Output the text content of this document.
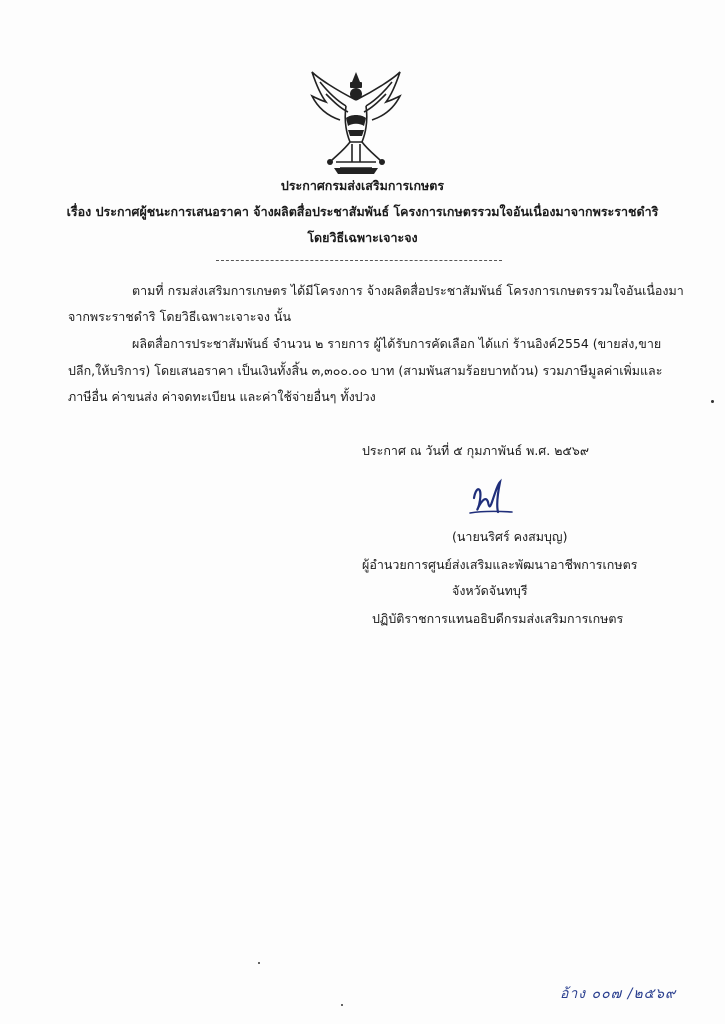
ประกาศกรมส่งเสริมการเกษตร
เรื่อง ประกาศผู้ชนะการเสนอราคา จ้างผลิตสื่อประชาสัมพันธ์ โครงการเกษตรรวมใจอันเนื่องมาจากพระราชดำริ
โดยวิธีเฉพาะเจาะจง
ตามที่ กรมส่งเสริมการเกษตร ได้มีโครงการ จ้างผลิตสื่อประชาสัมพันธ์ โครงการเกษตรรวมใจอันเนื่องมา
จากพระราชดำริ โดยวิธีเฉพาะเจาะจง นั้น
ผลิตสื่อการประชาสัมพันธ์ จำนวน ๒ รายการ ผู้ได้รับการคัดเลือก ได้แก่ ร้านอิงค์2554 (ขายส่ง,ขาย
ปลีก,ให้บริการ) โดยเสนอราคา เป็นเงินทั้งสิ้น ๓,๓๐๐.๐๐ บาท (สามพันสามร้อยบาทถ้วน) รวมภาษีมูลค่าเพิ่มและ
ภาษีอื่น ค่าขนส่ง ค่าจดทะเบียน และค่าใช้จ่ายอื่นๆ ทั้งปวง
ประกาศ ณ วันที่ ๕ กุมภาพันธ์ พ.ศ. ๒๕๖๙
(นายนริศร์ คงสมบุญ)
ผู้อำนวยการศูนย์ส่งเสริมและพัฒนาอาชีพการเกษตร
จังหวัดจันทบุรี
ปฏิบัติราชการแทนอธิบดีกรมส่งเสริมการเกษตร
อ้าง ๐๐๗ /๒๕๖๙
